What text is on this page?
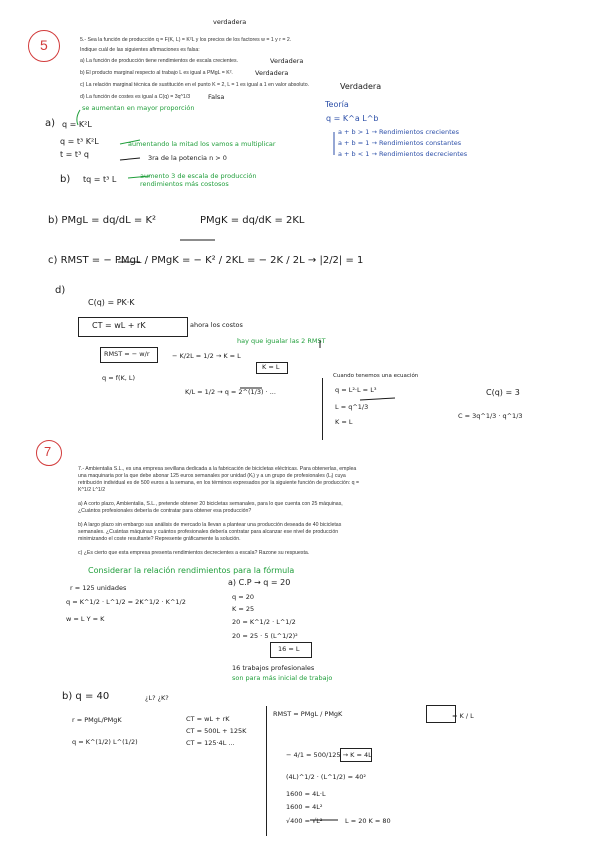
5
verdadera
5.- Sea la función de producción q = F(K, L) = K²L y los precios de los factores w = 1 y r = 2.
Indique cuál de las siguientes afirmaciones es falsa:
a) La función de producción tiene rendimientos de escala crecientes.	Verdadera
b) El producto marginal respecto al trabajo L es igual a PMgL = K².	Verdadera
c) La relación marginal técnica de sustitución en el punto K = 2, L = 1 es igual a 1 en valor absoluto.
d) La función de costes es igual a C(q) = 3q^1/3	Falsa
Verdadera
se aumentan en mayor proporción
a) q = K²L
q = t³ K²L
t = t³ q
aumentando la mitad los vamos a multiplicar
3ra de la potencia n > 0
b) tq = t³ L	aumento 3 de escala de producción rendimientos más costosos
Teoría
q = K^a L^b
a + b > 1 → Rendimientos crecientes
a + b = 1 → Rendimientos constantes
a + b < 1 → Rendimientos decrecientes
b) PMgL = dq/dL = K²	PMgK = dq/dK = 2KL
c) RMST = − PMgL / PMgK = − K² / 2KL = − 2K / 2L → |2/2| = 1
d)
C(q) = PK·K
CT = wL + rK	ahora los costos
hay que igualar las 2 RMST
RMST = − w/r
q = f(K, L)
− K/2L = 1/2 → K = L
K = L
K/L = 1/2 → q = 2^(1/3) · ...
Cuando tenemos una ecuación
q = L²·L = L³
L = q^1/3
K = L
C(q) = 3
C = 3q^1/3 · q^1/3
7
7.- Ambientalia S.L., es una empresa sevillana dedicada a la fabricación de bicicletas eléctricas. Para obtenerlas, emplea una maquinaria por la que debe abonar 125 euros semanales por unidad (Kᵢ) y a un grupo de profesionales (Lᵢ) cuya retribución individual es de 500 euros a la semana, en los términos expresados por la siguiente función de producción: q = K^1/2 L^1/2
a) A corto plazo, Ambientalia, S.L., pretende obtener 20 bicicletas semanales, para lo que cuenta con 25 máquinas, ¿Cuántos profesionales debería de contratar para obtener esa producción?
b) A largo plazo sin embargo sus análisis de mercado la llevan a plantear una producción deseada de 40 bicicletas semanales. ¿Cuántas máquinas y cuántos profesionales debería contratar para alcanzar ese nivel de producción minimizando el coste resultante? Represente gráficamente la solución.
c) ¿Es cierto que esta empresa presenta rendimientos decrecientes a escala? Razone su respuesta.
Considerar la relación rendimientos para la fórmula
r = 125 unidades
q = K^1/2 · L^1/2 = 2K^1/2 · K^1/2
w = L Y = K
a) C.P → q = 20
q = 20
K = 25
20 = K^1/2 · L^1/2
20 = 25 · 5 (L^1/2)²
16 = L
16 trabajos profesionales
son para más inicial de trabajo
b) q = 40	¿L? ¿K?
r = PMgL/PMgK
q = K^(1/2) L^(1/2)
CT = wL + rK
CT = 500L + 125K
CT = 125·4L ...
RMST = PMgL / PMgK	= K / L
− 4/1 = 500/125 → K = 4L
(4L)^1/2 · (L^1/2) = 40²
1600 = 4L·L
1600 = 4L²
√400 = √L²	L = 20 K = 80
